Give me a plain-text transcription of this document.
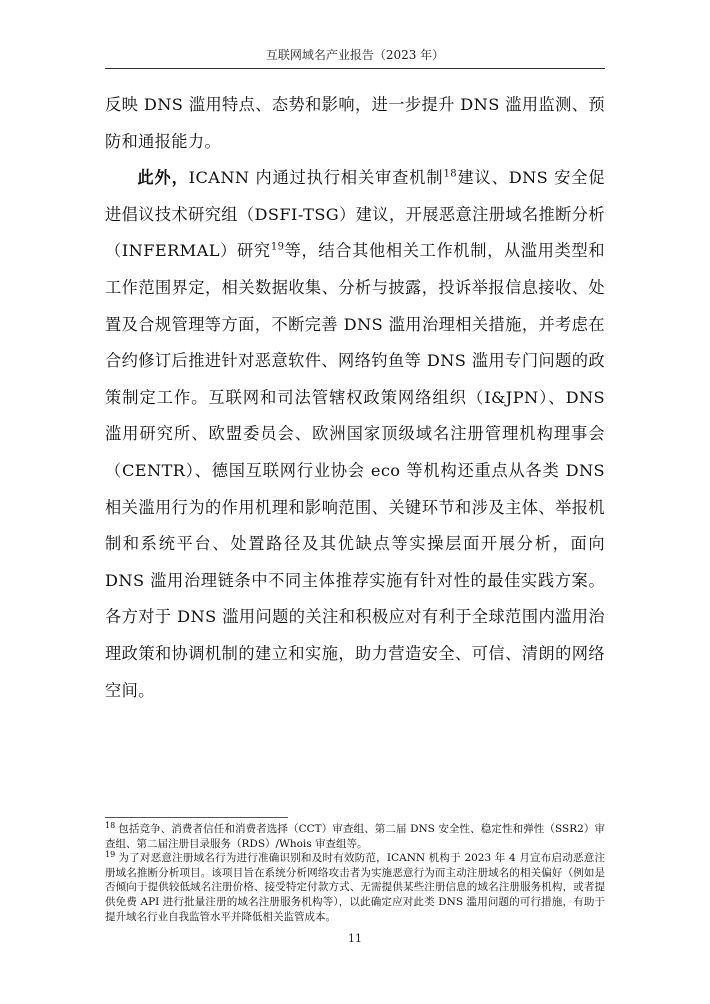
互联网域名产业报告（2023 年）

反映 DNS 滥用特点、态势和影响，进一步提升 DNS 滥用监测、预防和通报能力。

此外，ICANN 内通过执行相关审查机制$^{18}$建议、DNS 安全促进倡议技术研究组（DSFI-TSG）建议，开展恶意注册域名推断分析（INFERMAL）研究$^{19}$等，结合其他相关工作机制，从滥用类型和工作范围界定，相关数据收集、分析与披露，投诉举报信息接收、处置及合规管理等方面，不断完善 DNS 滥用治理相关措施，并考虑在合约修订后推进针对恶意软件、网络钓鱼等 DNS 滥用专门问题的政策制定工作。互联网和司法管辖权政策网络组织（I&JPN）、DNS 滥用研究所、欧盟委员会、欧洲国家顶级域名注册管理机构理事会（CENTR）、德国互联网行业协会 eco 等机构还重点从各类 DNS 相关滥用行为的作用机理和影响范围、关键环节和涉及主体、举报机制和系统平台、处置路径及其优缺点等实操层面开展分析，面向 DNS 滥用治理链条中不同主体推荐实施有针对性的最佳实践方案。各方对于 DNS 滥用问题的关注和积极应对有利于全球范围内滥用治理政策和协调机制的建立和实施，助力营造安全、可信、清朗的网络空间。

$^{18}$ 包括竞争、消费者信任和消费者选择（CCT）审查组、第二届 DNS 安全性、稳定性和弹性（SSR2）审查组、第二届注册目录服务（RDS）/Whois 审查组等。

$^{19}$ 为了对恶意注册域名行为进行准确识别和及时有效防范，ICANN 机构于 2023 年 4 月宣布启动恶意注册域名推断分析项目。该项目旨在系统分析网络攻击者为实施恶意行为而主动注册域名的相关偏好（例如是否倾向于提供较低域名注册价格、接受特定付款方式、无需提供某些注册信息的域名注册服务机构，或者提供免费 API 进行批量注册的域名注册服务机构等），以此确定应对此类 DNS 滥用问题的可行措施，有助于提升域名行业自我监管水平并降低相关监管成本。

11
